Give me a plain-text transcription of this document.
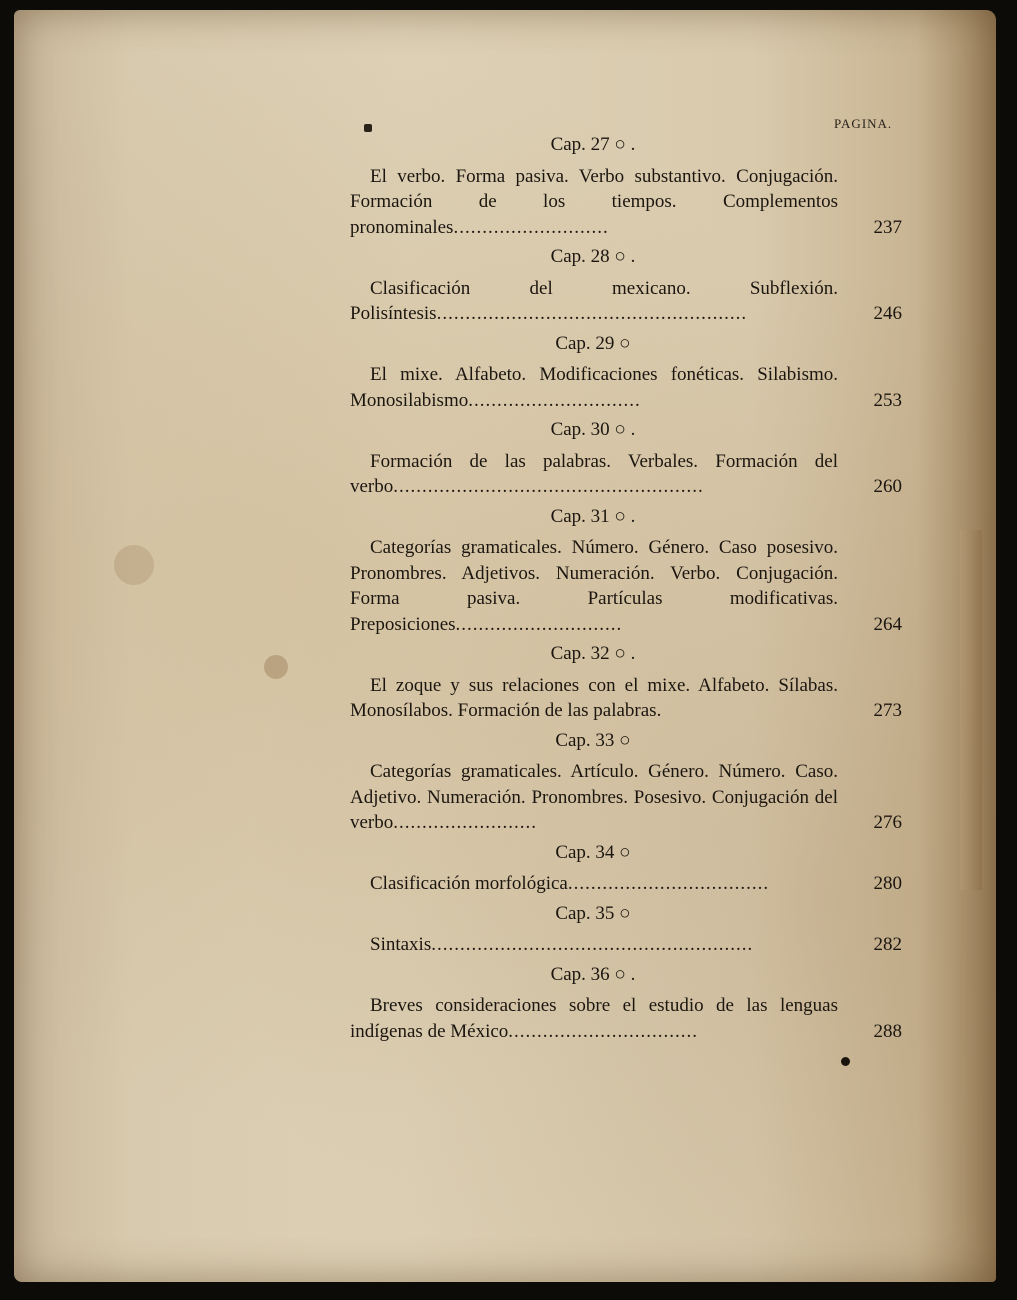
PAGINA.
Cap. 27 ○ .
El verbo. Forma pasiva. Verbo substantivo. Conjugación. Formación de los tiempos. Complementos pronominales...........................	237
Cap. 28 ○ .
Clasificación del mexicano. Subflexión. Polisíntesis......................................................	246
Cap. 29 ○
El mixe. Alfabeto. Modificaciones fonéticas. Silabismo. Monosilabismo..............................	253
Cap. 30 ○ .
Formación de las palabras. Verbales. Formación del verbo......................................................	260
Cap. 31 ○ .
Categorías gramaticales. Número. Género. Caso posesivo. Pronombres. Adjetivos. Numeración. Verbo. Conjugación. Forma pasiva. Partículas modificativas. Preposiciones.............................	264
Cap. 32 ○ .
El zoque y sus relaciones con el mixe. Alfabeto. Sílabas. Monosílabos. Formación de las palabras.	273
Cap. 33 ○
Categorías gramaticales. Artículo. Género. Número. Caso. Adjetivo. Numeración. Pronombres. Posesivo. Conjugación del verbo.........................	276
Cap. 34 ○
Clasificación morfológica...................................	280
Cap. 35 ○
Sintaxis........................................................	282
Cap. 36 ○ .
Breves consideraciones sobre el estudio de las lenguas indígenas de México.................................	288
